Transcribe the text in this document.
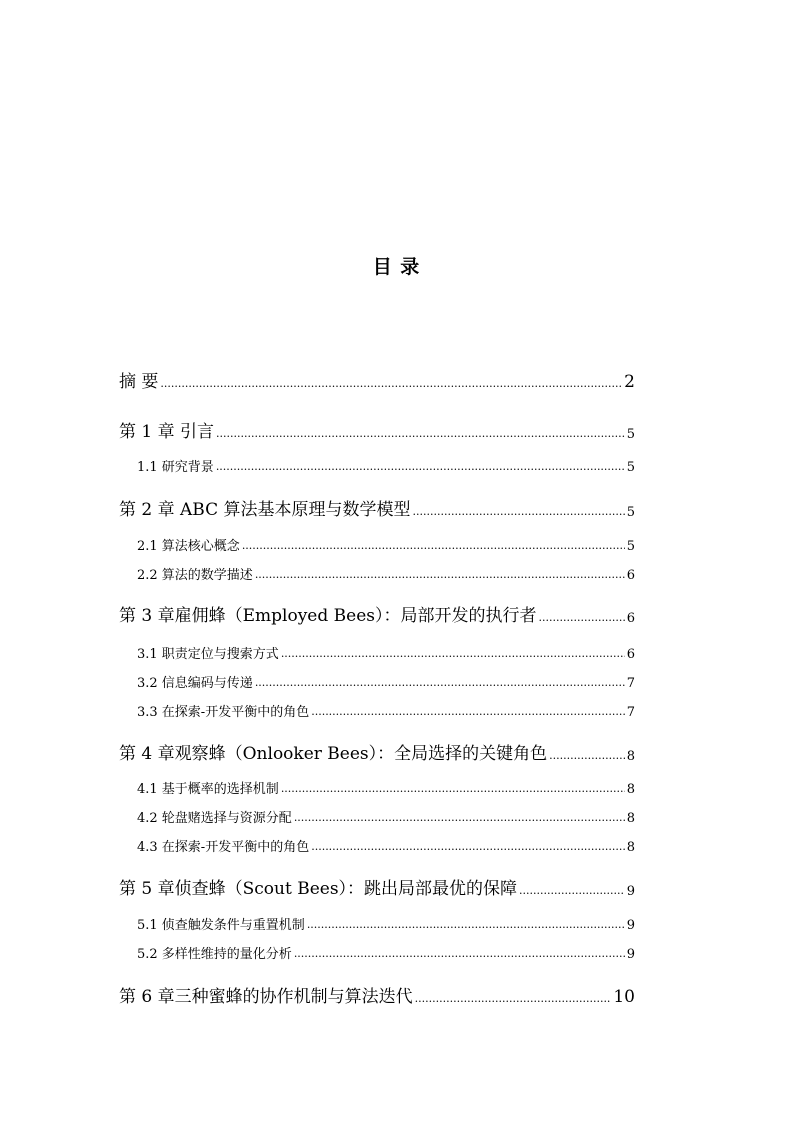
目 录
摘 要 .....	2
第 1 章 引言 .....	5
1.1 研究背景 .....	5
第 2 章 ABC 算法基本原理与数学模型 .....	5
2.1 算法核心概念 .....	5
2.2 算法的数学描述 .....	6
第 3 章雇佣蜂（Employed Bees）：局部开发的执行者 .....	6
3.1 职责定位与搜索方式 .....	6
3.2 信息编码与传递 .....	7
3.3 在探索-开发平衡中的角色 .....	7
第 4 章观察蜂（Onlooker Bees）：全局选择的关键角色 .....	8
4.1 基于概率的选择机制 .....	8
4.2 轮盘赌选择与资源分配 .....	8
4.3 在探索-开发平衡中的角色 .....	8
第 5 章侦查蜂（Scout Bees）：跳出局部最优的保障 .....	9
5.1 侦查触发条件与重置机制 .....	9
5.2 多样性维持的量化分析 .....	9
第 6 章三种蜜蜂的协作机制与算法迭代 .....	10
